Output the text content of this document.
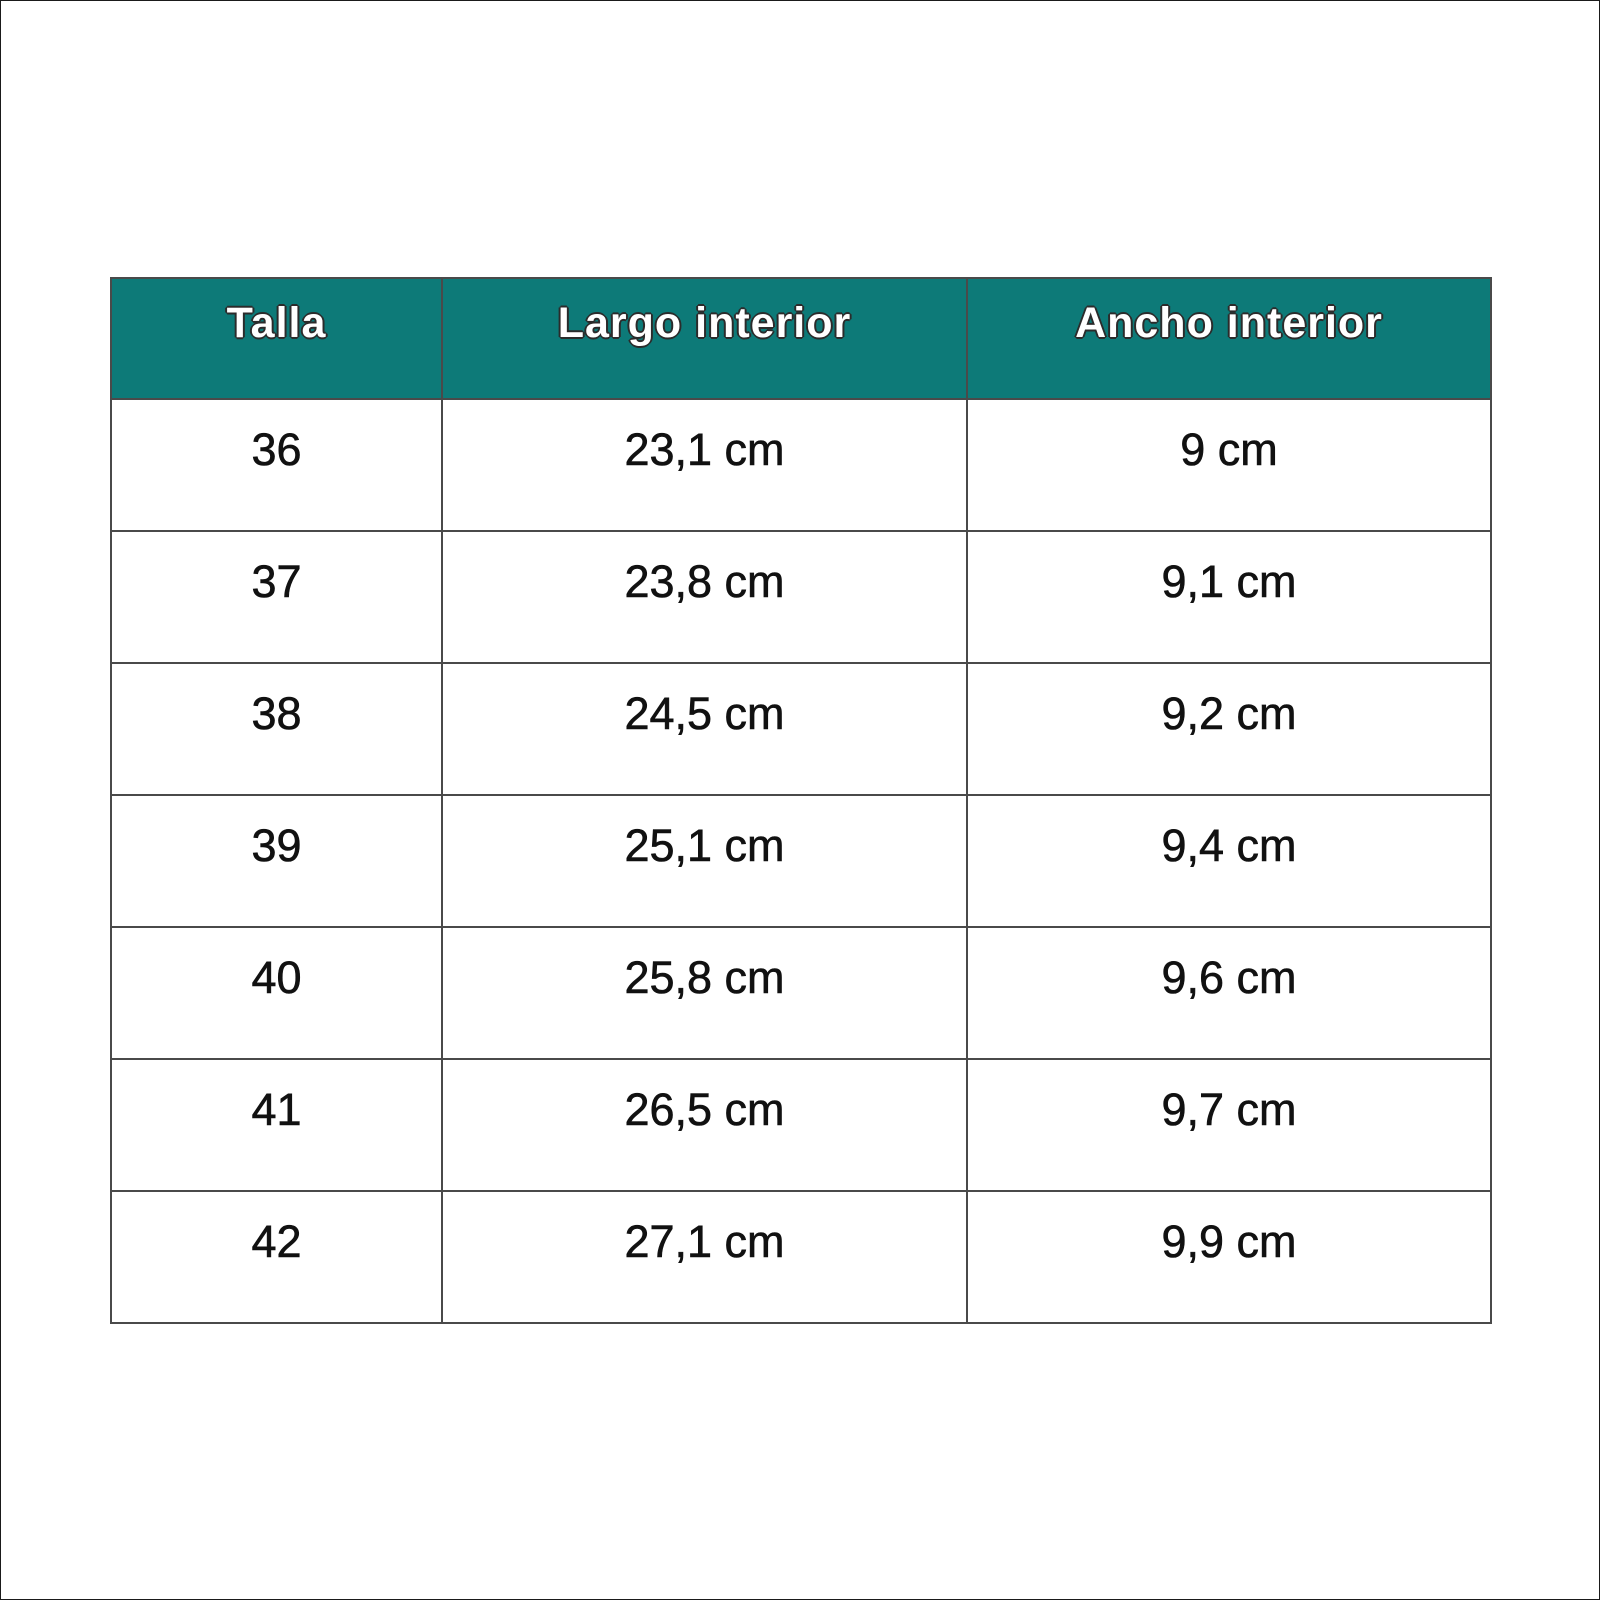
Talla	Largo interior	Ancho interior
36	23,1 cm	9 cm
37	23,8 cm	9,1 cm
38	24,5 cm	9,2 cm
39	25,1 cm	9,4 cm
40	25,8 cm	9,6 cm
41	26,5 cm	9,7 cm
42	27,1 cm	9,9 cm
